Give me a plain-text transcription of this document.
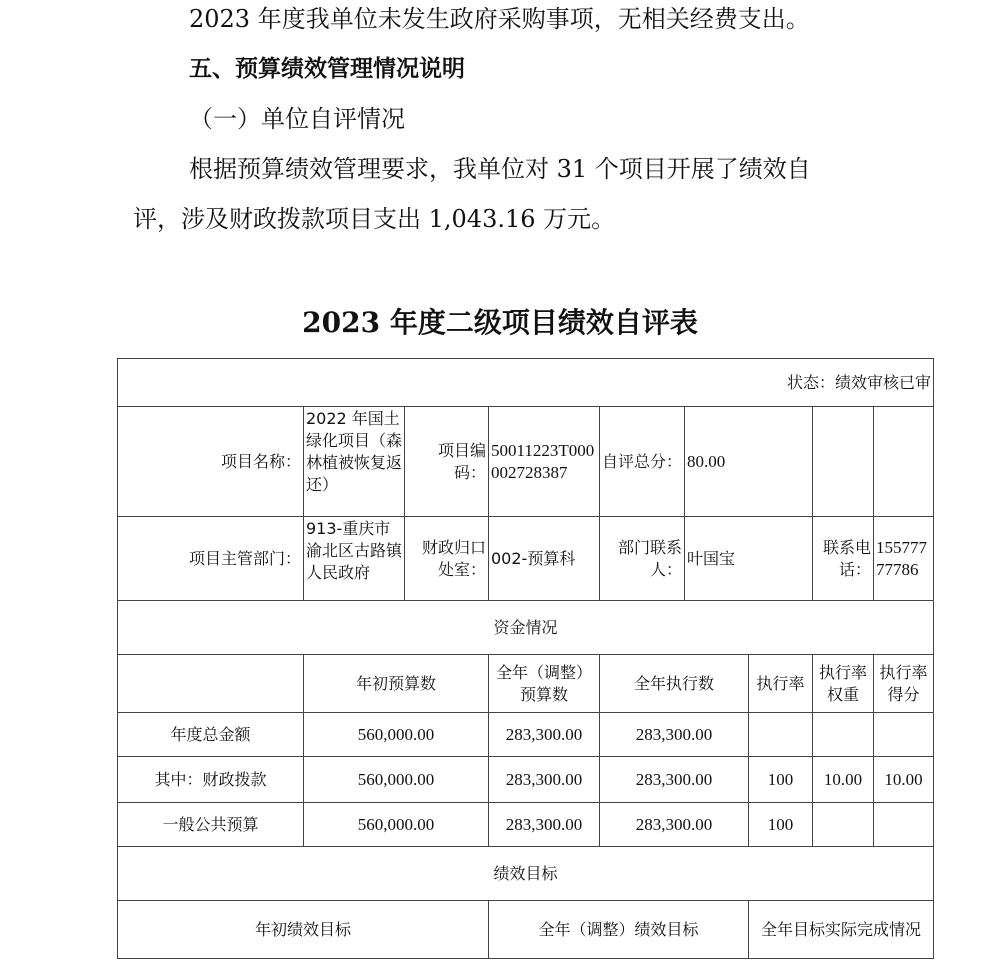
2023 年度我单位未发生政府采购事项，无相关经费支出。
五、预算绩效管理情况说明
（一）单位自评情况
根据预算绩效管理要求，我单位对 31 个项目开展了绩效自
评，涉及财政拨款项目支出 1,043.16 万元。
2023 年度二级项目绩效自评表
状态：绩效审核已审								
项目名称：	2022 年国土绿化项目（森林植被恢复返还）	项目编码：	50011223T000002728387	自评总分：	80.00			
项目主管部门：	913-重庆市渝北区古路镇人民政府	财政归口处室：	002-预算科	部门联系人：	叶国宝		联系电话：	15577777786
资金情况								
	年初预算数		全年（调整）预算数	全年执行数		执行率	执行率权重	执行率得分
年度总金额	560,000.00		283,300.00	283,300.00				
其中：财政拨款	560,000.00		283,300.00	283,300.00		100	10.00	10.00
一般公共预算	560,000.00		283,300.00	283,300.00		100		
绩效目标								
年初绩效目标			全年（调整）绩效目标			全年目标实际完成情况		
